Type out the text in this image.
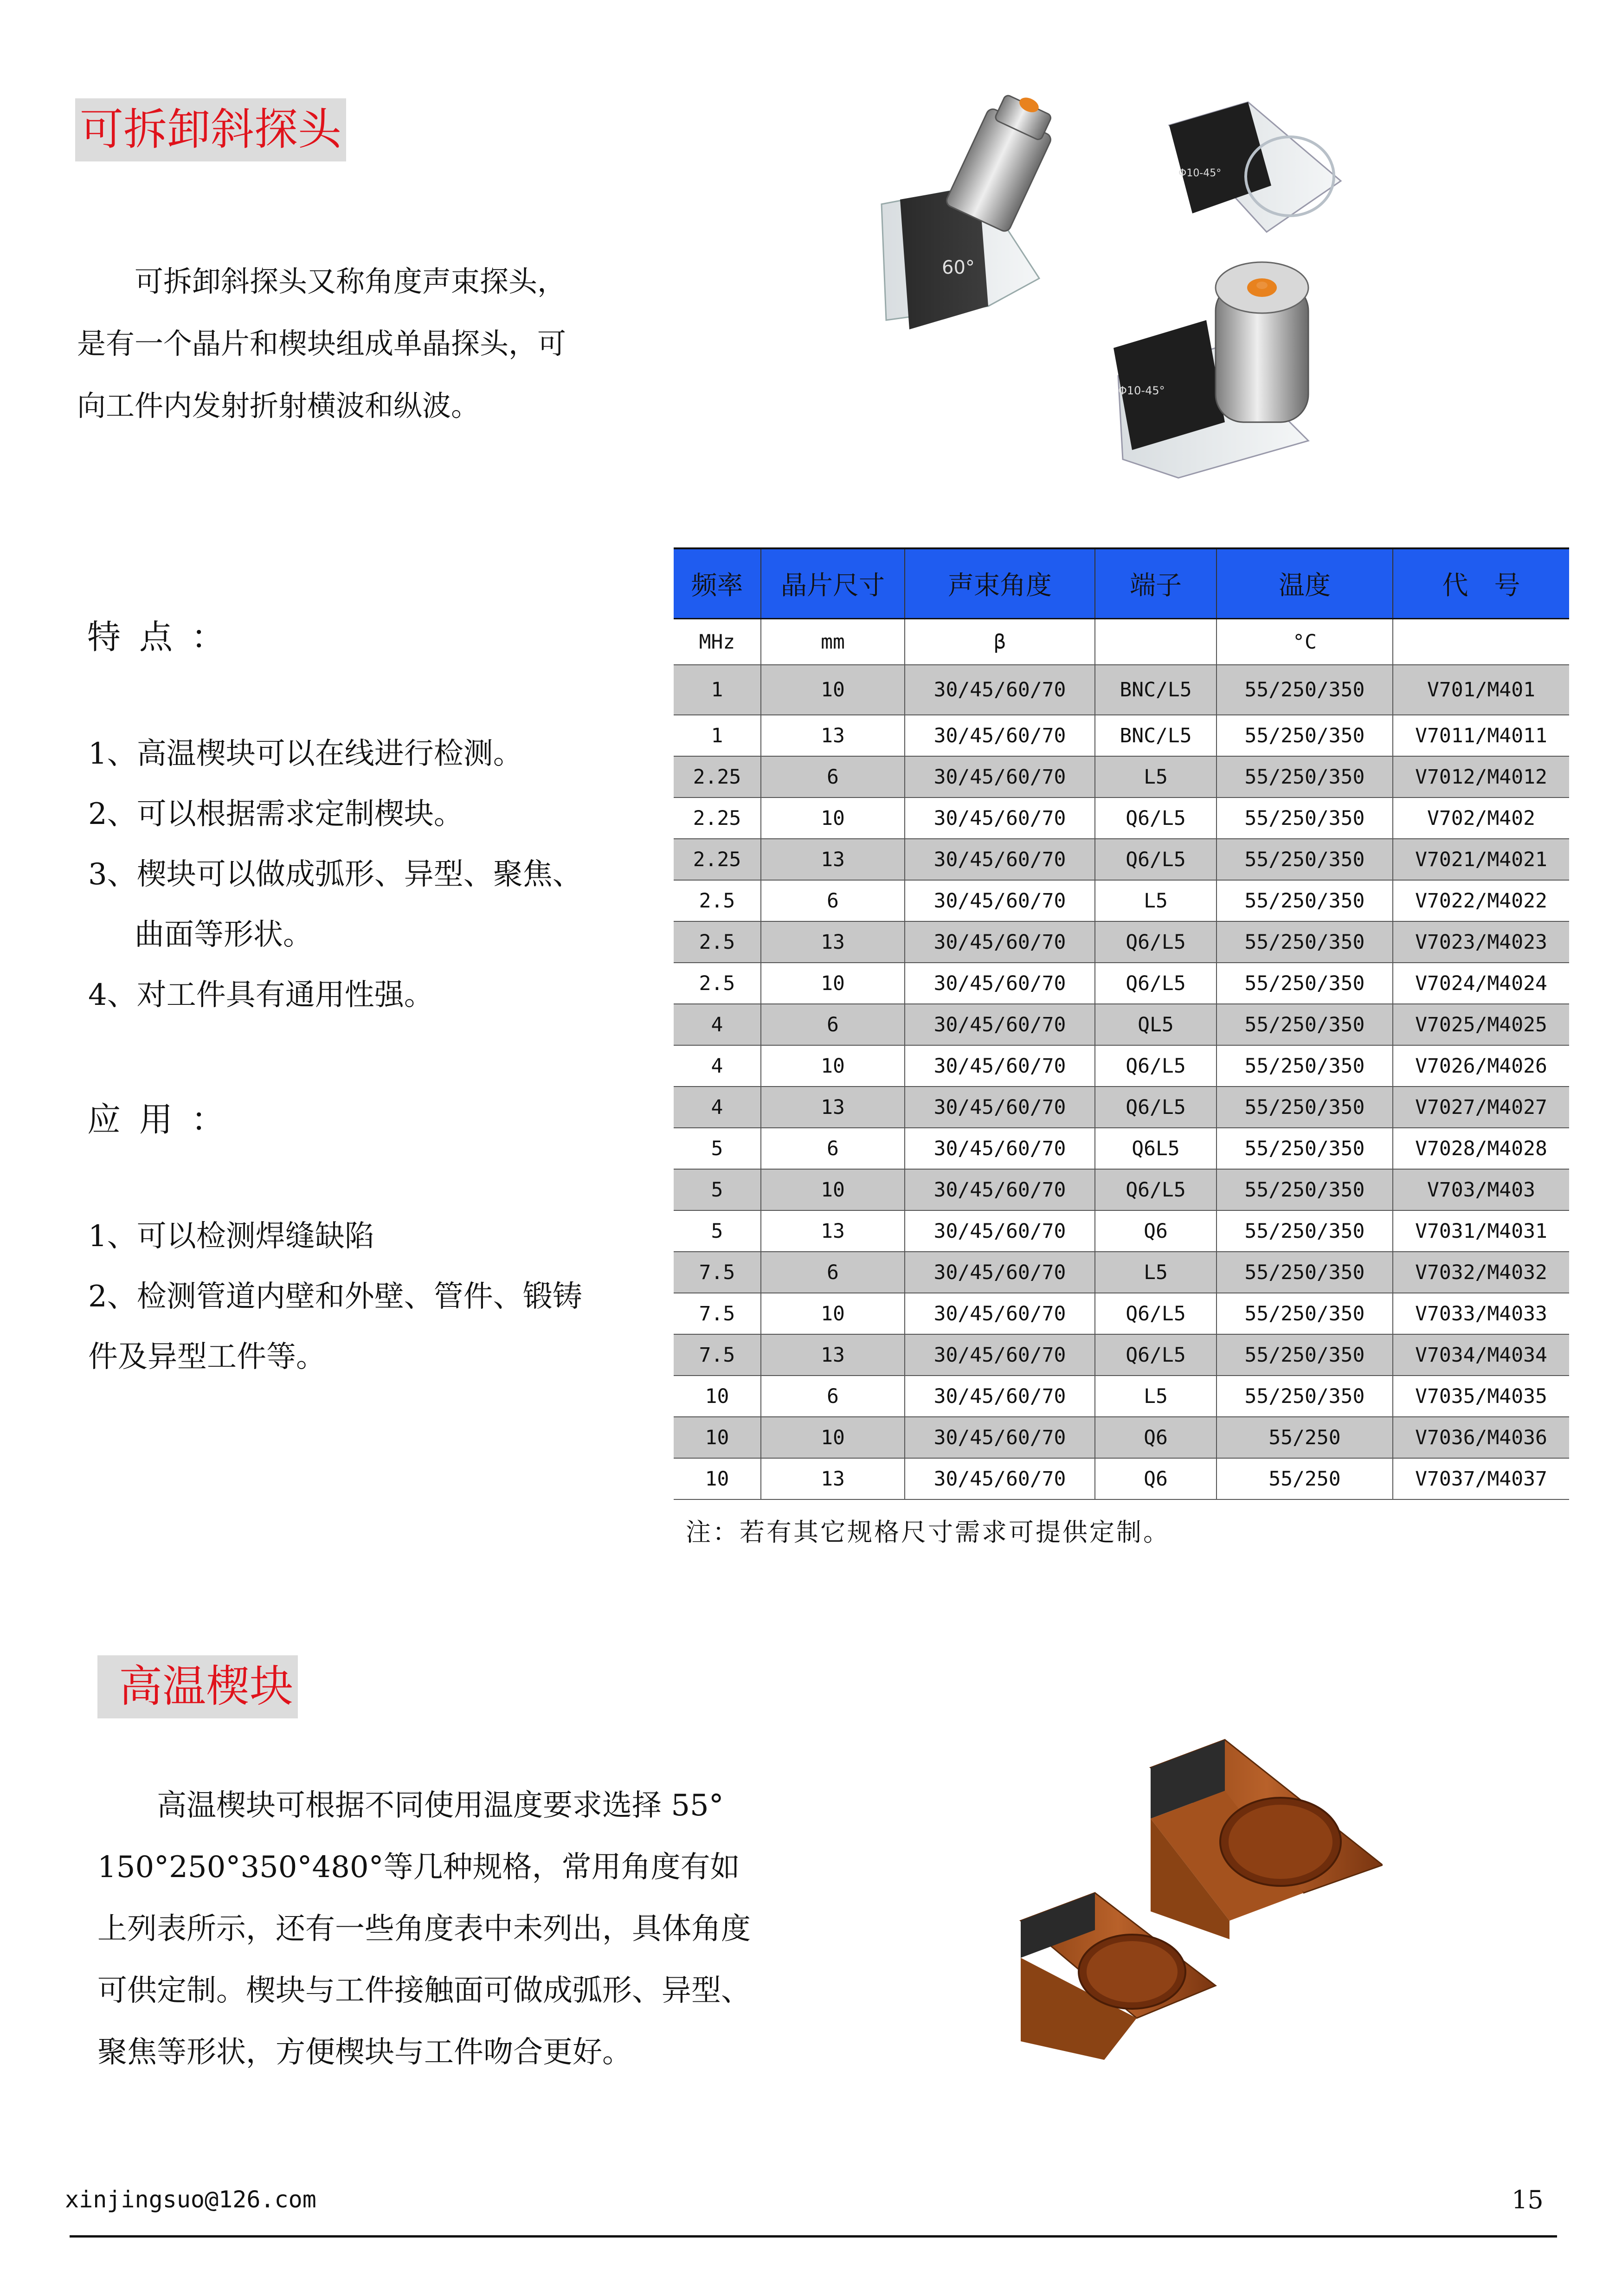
可拆卸斜探头

可拆卸斜探头又称角度声束探头，

是有一个晶片和楔块组成单晶探头，可

向工件内发射折射横波和纵波。

60°
Φ10-45°
Φ10-45°
特点：
1、高温楔块可以在线进行检测。
2、可以根据需求定制楔块。
3、楔块可以做成弧形、异型、聚焦、
曲面等形状。
4、对工件具有通用性强。
应用：
1、可以检测焊缝缺陷
2、检测管道内壁和外壁、管件、锻铸
件及异型工件等。
频率	晶片尺寸	声束角度	端子	温度	代　号
MHz	mm	β		°C	
1	10	30/45/60/70	BNC/L5	55/250/350	V701/M401
1	13	30/45/60/70	BNC/L5	55/250/350	V7011/M4011
2.25	6	30/45/60/70	L5	55/250/350	V7012/M4012
2.25	10	30/45/60/70	Q6/L5	55/250/350	V702/M402
2.25	13	30/45/60/70	Q6/L5	55/250/350	V7021/M4021
2.5	6	30/45/60/70	L5	55/250/350	V7022/M4022
2.5	13	30/45/60/70	Q6/L5	55/250/350	V7023/M4023
2.5	10	30/45/60/70	Q6/L5	55/250/350	V7024/M4024
4	6	30/45/60/70	QL5	55/250/350	V7025/M4025
4	10	30/45/60/70	Q6/L5	55/250/350	V7026/M4026
4	13	30/45/60/70	Q6/L5	55/250/350	V7027/M4027
5	6	30/45/60/70	Q6L5	55/250/350	V7028/M4028
5	10	30/45/60/70	Q6/L5	55/250/350	V703/M403
5	13	30/45/60/70	Q6	55/250/350	V7031/M4031
7.5	6	30/45/60/70	L5	55/250/350	V7032/M4032
7.5	10	30/45/60/70	Q6/L5	55/250/350	V7033/M4033
7.5	13	30/45/60/70	Q6/L5	55/250/350	V7034/M4034
10	6	30/45/60/70	L5	55/250/350	V7035/M4035
10	10	30/45/60/70	Q6	55/250	V7036/M4036
10	13	30/45/60/70	Q6	55/250	V7037/M4037
注：若有其它规格尺寸需求可提供定制。
高温楔块

高温楔块可根据不同使用温度要求选择 55°

150°250°350°480°等几种规格，常用角度有如

上列表所示，还有一些角度表中未列出，具体角度

可供定制。楔块与工件接触面可做成弧形、异型、

聚焦等形状，方便楔块与工件吻合更好。

xinjingsuo@126.com	15
